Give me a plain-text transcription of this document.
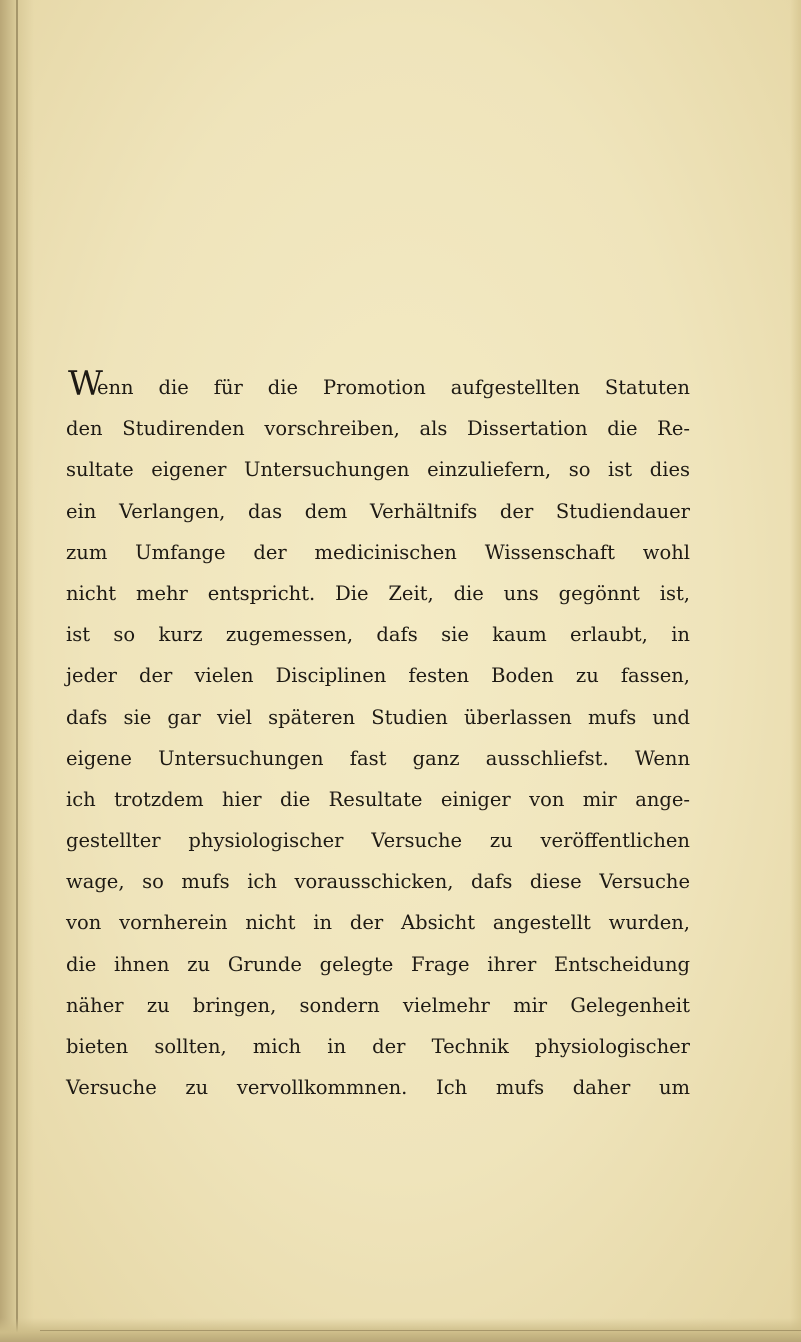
Wenn die für die Promotion aufgestellten Statuten
den Studirenden vorschreiben, als Dissertation die Re-
sultate eigener Untersuchungen einzuliefern, so ist dies
ein Verlangen, das dem Verhältnifs der Studiendauer
zum Umfange der medicinischen Wissenschaft wohl
nicht mehr entspricht. Die Zeit, die uns gegönnt ist,
ist so kurz zugemessen, dafs sie kaum erlaubt, in
jeder der vielen Disciplinen festen Boden zu fassen,
dafs sie gar viel späteren Studien überlassen mufs und
eigene Untersuchungen fast ganz ausschliefst. Wenn
ich trotzdem hier die Resultate einiger von mir ange-
gestellter physiologischer Versuche zu veröffentlichen
wage, so mufs ich vorausschicken, dafs diese Versuche
von vornherein nicht in der Absicht angestellt wurden,
die ihnen zu Grunde gelegte Frage ihrer Entscheidung
näher zu bringen, sondern vielmehr mir Gelegenheit
bieten sollten, mich in der Technik physiologischer
Versuche zu vervollkommnen. Ich mufs daher um
